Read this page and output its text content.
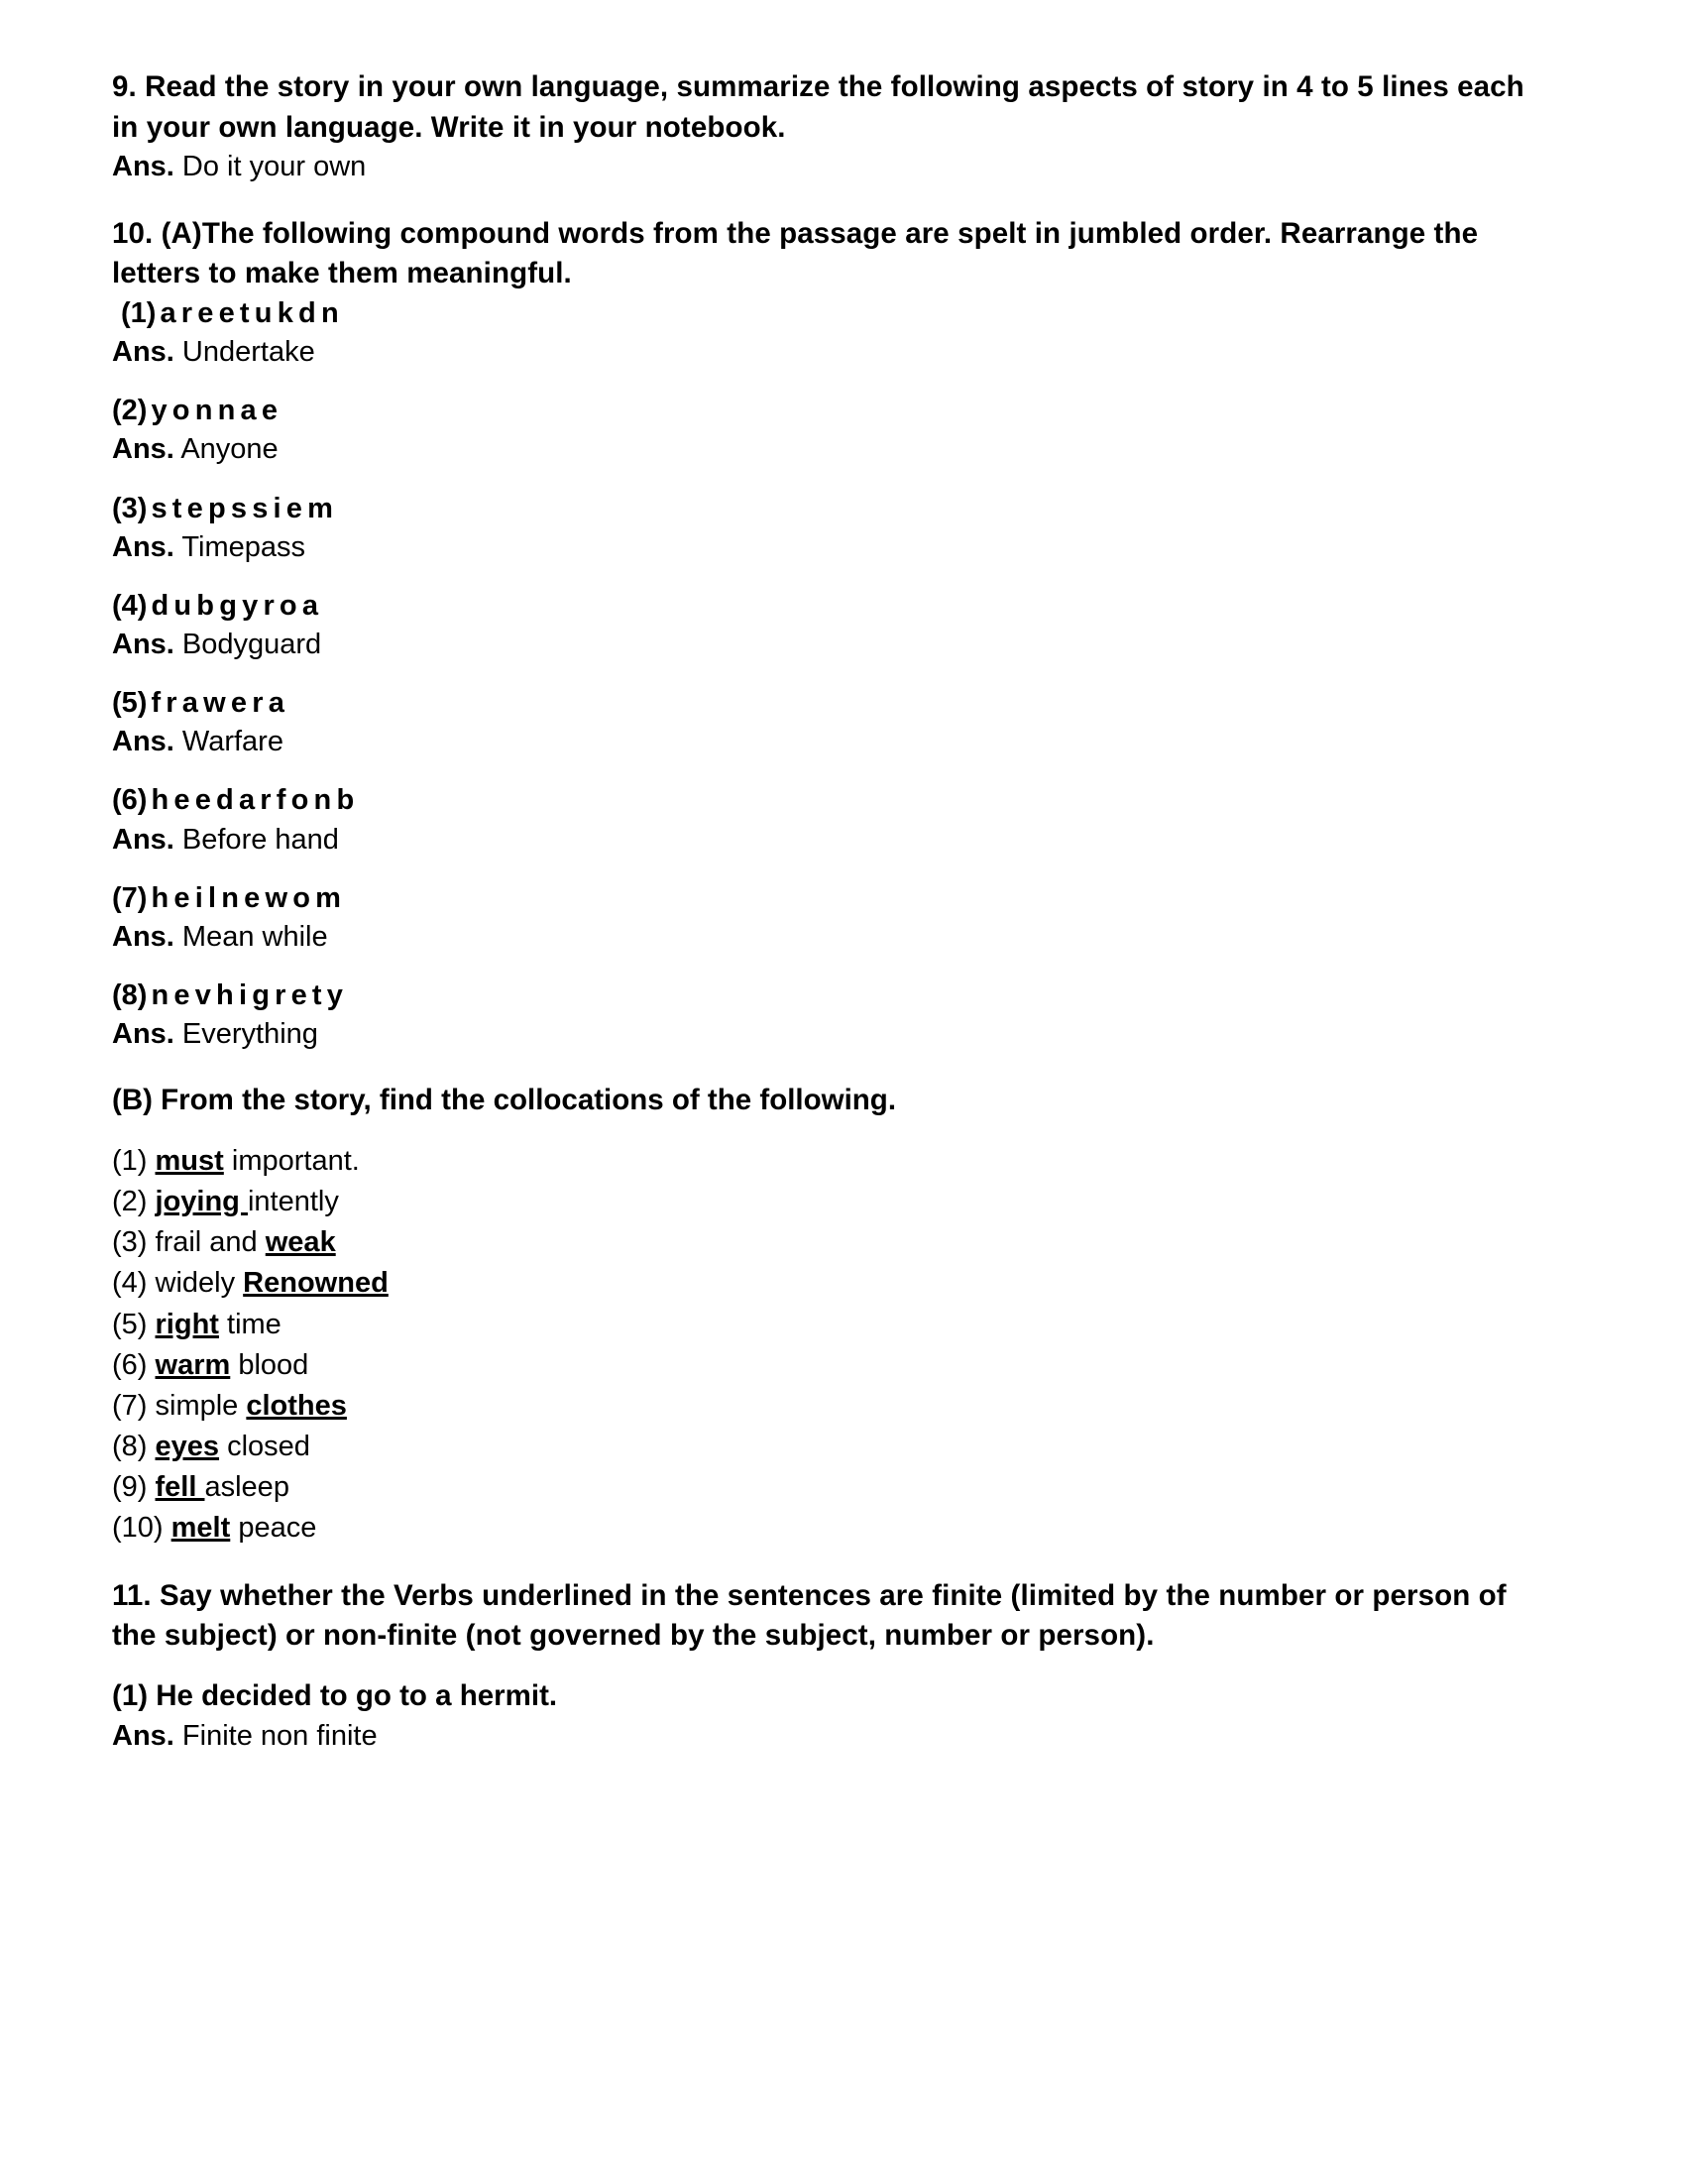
9. Read the story in your own language, summarize the following aspects of story in 4 to 5 lines each in your own language. Write it in your notebook.

Ans. Do it your own

10. (A)The following compound words from the passage are spelt in jumbled order. Rearrange the letters to make them meaningful.

(1) areetukdn

Ans. Undertake

(2) yonnae

Ans. Anyone

(3) stepssiem

Ans. Timepass

(4) dubgyroa

Ans. Bodyguard

(5) frawera

Ans. Warfare

(6) heedarfonb

Ans. Before hand

(7) heilnewom

Ans. Mean while

(8) nevhigrety

Ans. Everything

(B) From the story, find the collocations of the following.

(1) must important.

(2) joying intently

(3) frail and weak

(4) widely Renowned

(5) right time

(6) warm blood

(7) simple clothes

(8) eyes closed

(9) fell asleep

(10) melt peace

11. Say whether the Verbs underlined in the sentences are finite (limited by the number or person of the subject) or non-finite (not governed by the subject, number or person).

(1) He decided to go to a hermit.

Ans. Finite non finite
